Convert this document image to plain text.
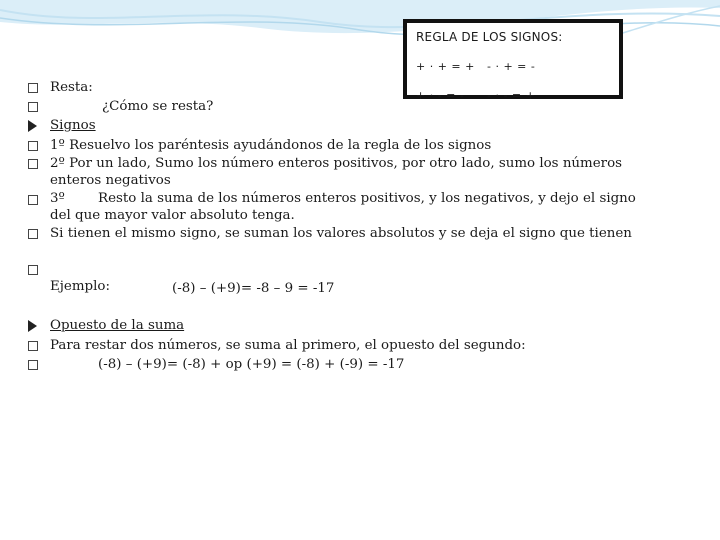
REGLA DE LOS SIGNOS:
+ · + = + - · + = -
+ · - = - - · - = +
Resta:
¿Cómo se resta?
Signos
1º Resuelvo los paréntesis ayudándonos de la regla de los signos
2º Por un lado, Sumo los número enteros positivos, por otro lado, sumo los números
enteros negativos
3º Resto la suma de los números enteros positivos, y los negativos, y dejo el signo
del que mayor valor absoluto tenga.
Si tienen el mismo signo, se suman los valores absolutos y se deja el signo que tienen
Ejemplo:	(-8) – (+9)= -8 – 9 = -17
Opuesto de la suma
Para restar dos números, se suma al primero, el opuesto del segundo:
(-8) – (+9)= (-8) + op (+9) = (-8) + (-9) = -17
